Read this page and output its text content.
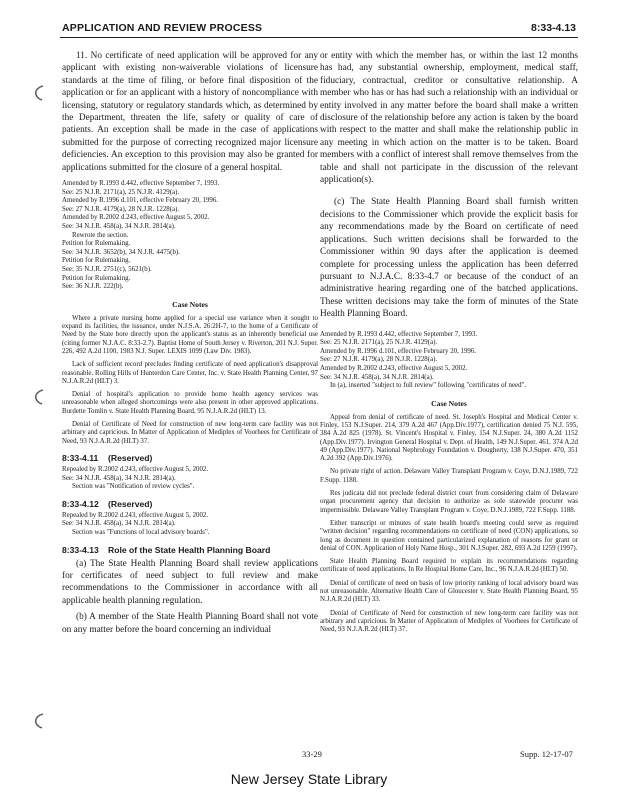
APPLICATION AND REVIEW PROCESS	8:33-4.13

11. No certificate of need application will be approved for any applicant with existing non-waiverable violations of licensure standards at the time of filing, or before final disposition of the application or for an applicant with a history of noncompliance with licensing, statutory or regulatory standards which, as determined by the Department, threaten the life, safety or quality of care of patients. An exception shall be made in the case of applications submitted for the purpose of correcting recognized major licensure deficiencies. An exception to this provision may also be granted for applications submitted for the closure of a general hospital.

Amended by R.1993 d.442, effective September 7, 1993.
See: 25 N.J.R. 2171(a), 25 N.J.R. 4129(a).
Amended by R.1996 d.101, effective February 20, 1996.
See: 27 N.J.R. 4179(a), 28 N.J.R. 1228(a).
Amended by R.2002 d.243, effective August 5, 2002.
See: 34 N.J.R. 458(a), 34 N.J.R. 2814(a).
Rewrote the section.
Petition for Rulemaking.
See: 34 N.J.R. 3652(b), 34 N.J.R. 4475(b).
Petition for Rulemaking.
See: 35 N.J.R. 2751(c), 5621(b).
Petition for Rulemaking.
See: 36 N.J.R. 222(b).
Case Notes

Where a private nursing home applied for a special use variance when it sought to expand its facilities, the issuance, under N.J.S.A. 26:2H-7, to the home of a Certificate of Need by the State bore directly upon the applicant's status as an inherently beneficial use (citing former N.J.A.C. 8:33-2.7). Baptist Home of South Jersey v. Riverton, 201 N.J. Super. 226, 492 A.2d 1100, 1983 N.J. Super. LEXIS 1099 (Law Div. 1983).

Lack of sufficient record precludes finding certificate of need application's disapproval reasonable. Rolling Hills of Hunterdon Care Center, Inc. v. State Health Planning Center, 97 N.J.A.R.2d (HLT) 3.

Denial of hospital's application to provide home health agency services was unreasonable when alleged shortcomings were also present in other approved applications. Burdette Tomlin v. State Health Planning Board, 95 N.J.A.R.2d (HLT) 13.

Denial of Certificate of Need for construction of new long-term care facility was not arbitrary and capricious. In Matter of Application of Mediplex of Voorhees for Certificate of Need, 93 N.J.A.R.2d (HLT) 37.

8:33-4.11 (Reserved)
Repealed by R.2002 d.243, effective August 5, 2002.
See: 34 N.J.R. 458(a), 34 N.J.R. 2814(a).
Section was "Notification of review cycles".
8:33-4.12 (Reserved)
Repealed by R.2002 d.243, effective August 5, 2002.
See: 34 N.J.R. 458(a), 34 N.J.R. 2814(a).
Section was "Functions of local advisory boards".
8:33-4.13 Role of the State Health Planning Board

(a) The State Health Planning Board shall review applications for certificates of need subject to full review and make recommendations to the Commissioner in accordance with all applicable health planning regulation.

(b) A member of the State Health Planning Board shall not vote on any matter before the board concerning an individual

or entity with which the member has, or within the last 12 months has had, any substantial ownership, employment, medical staff, fiduciary, contractual, creditor or consultative relationship. A member who has or has had such a relationship with an individual or entity involved in any matter before the board shall make a written disclosure of the relationship before any action is taken by the board with respect to the matter and shall make the relationship public in any meeting in which action on the matter is to be taken. Board members with a conflict of interest shall remove themselves from the table and shall not participate in the discussion of the relevant application(s).

(c) The State Health Planning Board shall furnish written decisions to the Commissioner which provide the explicit basis for any recommendations made by the Board on certificate of need applications. Such written decisions shall be forwarded to the Commissioner within 90 days after the application is deemed complete for processing unless the application has been deferred pursuant to N.J.A.C. 8:33-4.7 or because of the conduct of an administrative hearing regarding one of the batched applications. These written decisions may take the form of minutes of the State Health Planning Board.

Amended by R.1993 d.442, effective September 7, 1993.
See: 25 N.J.R. 2171(a), 25 N.J.R. 4129(a).
Amended by R.1996 d.101, effective February 20, 1996.
See: 27 N.J.R. 4179(a), 28 N.J.R. 1228(a).
Amended by R.2002 d.243, effective August 5, 2002.
See: 34 N.J.R. 458(a), 34 N.J.R. 2814(a).
In (a), inserted "subject to full review" following "certificates of need".
Case Notes

Appeal from denial of certificate of need. St. Joseph's Hospital and Medical Center v. Finley, 153 N.J.Super. 214, 379 A.2d 467 (App.Div.1977), certification denied 75 N.J. 595, 384 A.2d 825 (1978). St. Vincent's Hospital v. Finley, 154 N.J.Super. 24, 380 A.2d 1152 (App.Div.1977). Irvington General Hospital v. Dept. of Health, 149 N.J.Super. 461, 374 A.2d 49 (App.Div.1977). National Nephrology Foundation v. Dougherty, 138 N.J.Super. 470, 351 A.2d 392 (App.Div.1976).

No private right of action. Delaware Valley Transplant Program v. Coye, D.N.J.1989, 722 F.Supp. 1188.

Res judicata did not preclude federal district court from considering claim of Delaware organ procurement agency that decision to authorize as sole statewide procurer was impermissible. Delaware Valley Transplant Program v. Coye, D.N.J.1989, 722 F.Supp. 1188.

Either transcript or minutes of state health board's meeting could serve as required "written decision" regarding recommendations on certificate of need (CON) applications, so long as document in question contained particularized explanation of reasons for grant or denial of CON. Application of Holy Name Hosp., 301 N.J.Super. 282, 693 A.2d 1259 (1997).

State Health Planning Board required to explain its recommendations regarding certificate of need applications. In Re Hospital Home Care, Inc., 96 N.J.A.R.2d (HLT) 50.

Denial of certificate of need on basis of low priority ranking of local advisory board was not unreasonable. Alternative Health Care of Gloucester v. State Health Planning Board, 95 N.J.A.R.2d (HLT) 33.

Denial of Certificate of Need for construction of new long-term care facility was not arbitrary and capricious. In Matter of Application of Mediplex of Voorhees for Certificate of Need, 93 N.J.A.R.2d (HLT) 37.

33-29	Supp. 12-17-07
New Jersey State Library
